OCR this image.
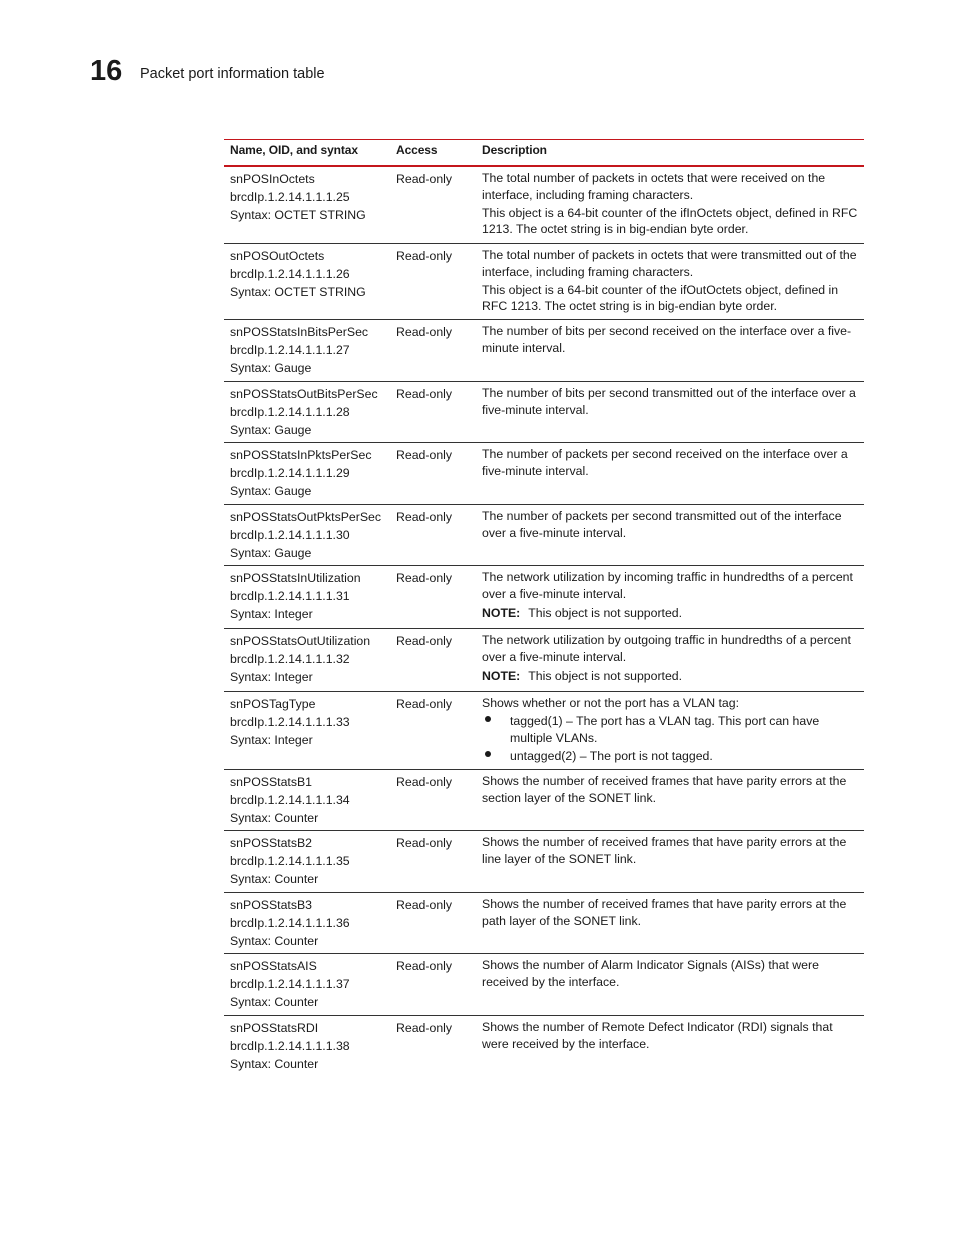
16 Packet port information table
Name, OID, and syntax	Access	Description
snPOSInOctets
brcdIp.1.2.14.1.1.1.25
Syntax: OCTET STRING
Read-only	The total number of packets in octets that were received on the interface, including framing characters.

This object is a 64-bit counter of the ifInOctets object, defined in RFC 1213. The octet string is in big-endian byte order.

snPOSOutOctets
brcdIp.1.2.14.1.1.1.26
Syntax: OCTET STRING
Read-only	The total number of packets in octets that were transmitted out of the interface, including framing characters.

This object is a 64-bit counter of the ifOutOctets object, defined in RFC 1213. The octet string is in big-endian byte order.

snPOSStatsInBitsPerSec
brcdIp.1.2.14.1.1.1.27
Syntax: Gauge
Read-only	The number of bits per second received on the interface over a five-minute interval.

snPOSStatsOutBitsPerSec
brcdIp.1.2.14.1.1.1.28
Syntax: Gauge
Read-only	The number of bits per second transmitted out of the interface over a five-minute interval.

snPOSStatsInPktsPerSec
brcdIp.1.2.14.1.1.1.29
Syntax: Gauge
Read-only	The number of packets per second received on the interface over a five-minute interval.

snPOSStatsOutPktsPerSec
brcdIp.1.2.14.1.1.1.30
Syntax: Gauge
Read-only	The number of packets per second transmitted out of the interface over a five-minute interval.

snPOSStatsInUtilization
brcdIp.1.2.14.1.1.1.31
Syntax: Integer
Read-only	The network utilization by incoming traffic in hundredths of a percent over a five-minute interval.

NOTE: This object is not supported.

snPOSStatsOutUtilization
brcdIp.1.2.14.1.1.1.32
Syntax: Integer
Read-only	The network utilization by outgoing traffic in hundredths of a percent over a five-minute interval.

NOTE: This object is not supported.

snPOSTagType
brcdIp.1.2.14.1.1.1.33
Syntax: Integer
Read-only	Shows whether or not the port has a VLAN tag:

tagged(1) – The port has a VLAN tag. This port can have multiple VLANs.
untagged(2) – The port is not tagged.
snPOSStatsB1
brcdIp.1.2.14.1.1.1.34
Syntax: Counter
Read-only	Shows the number of received frames that have parity errors at the section layer of the SONET link.

snPOSStatsB2
brcdIp.1.2.14.1.1.1.35
Syntax: Counter
Read-only	Shows the number of received frames that have parity errors at the line layer of the SONET link.

snPOSStatsB3
brcdIp.1.2.14.1.1.1.36
Syntax: Counter
Read-only	Shows the number of received frames that have parity errors at the path layer of the SONET link.

snPOSStatsAIS
brcdIp.1.2.14.1.1.1.37
Syntax: Counter
Read-only	Shows the number of Alarm Indicator Signals (AISs) that were received by the interface.

snPOSStatsRDI
brcdIp.1.2.14.1.1.1.38
Syntax: Counter
Read-only	Shows the number of Remote Defect Indicator (RDI) signals that were received by the interface.
